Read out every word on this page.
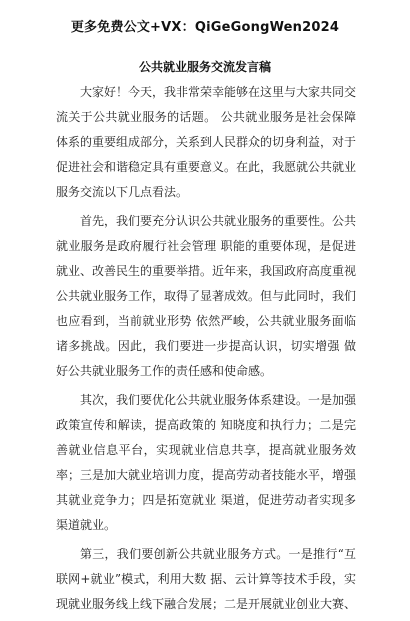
更多免费公文+VX：QiGeGongWen2024
公共就业服务交流发言稿

大家好！今天，我非常荣幸能够在这里与大家共同交流关于公共就业服务的话题。 公共就业服务是社会保障体系的重要组成部分，关系到人民群众的切身利益，对于 促进社会和谐稳定具有重要意义。在此，我愿就公共就业服务交流以下几点看法。

首先，我们要充分认识公共就业服务的重要性。公共就业服务是政府履行社会管理 职能的重要体现，是促进就业、改善民生的重要举措。近年来，我国政府高度重视 公共就业服务工作，取得了显著成效。但与此同时，我们也应看到，当前就业形势 依然严峻，公共就业服务面临诸多挑战。因此，我们要进一步提高认识，切实增强 做好公共就业服务工作的责任感和使命感。

其次，我们要优化公共就业服务体系建设。一是加强政策宣传和解读，提高政策的 知晓度和执行力；二是完善就业信息平台，实现就业信息共享，提高就业服务效率；三是加大就业培训力度，提高劳动者技能水平，增强其就业竞争力；四是拓宽就业 渠道，促进劳动者实现多渠道就业。

第三，我们要创新公共就业服务方式。一是推行“互联网+就业”模式，利用大数 据、云计算等技术手段，实现就业服务线上线下融合发展；二是开展就业创业大赛、
